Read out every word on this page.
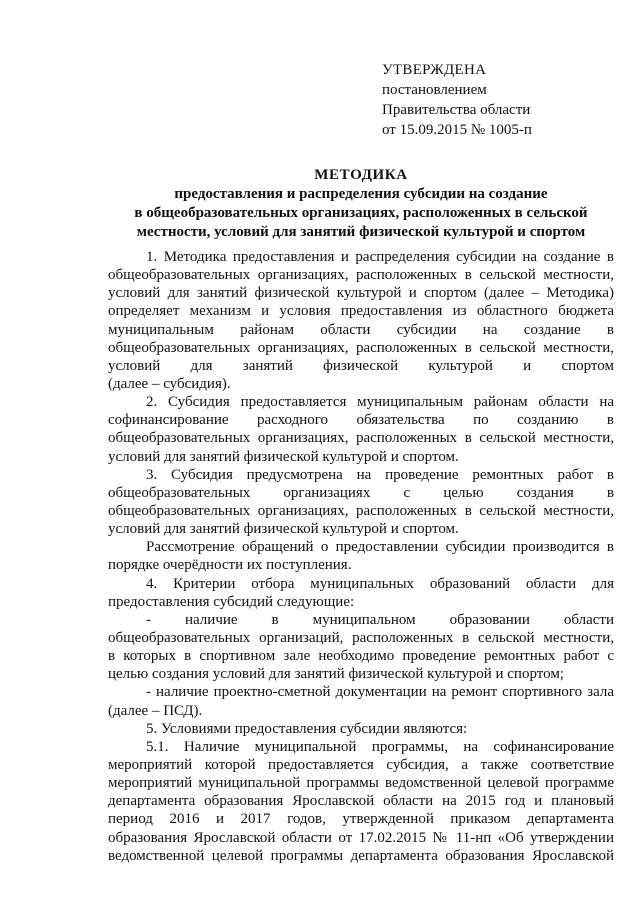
УТВЕРЖДЕНА
постановлением
Правительства области
от 15.09.2015 № 1005-п
МЕТОДИКА
предоставления и распределения субсидии на создание
в общеобразовательных организациях, расположенных в сельской
местности, условий для занятий физической культурой и спортом
1. Методика предоставления и распределения субсидии на создание в
общеобразовательных организациях, расположенных в сельской местности,
условий для занятий физической культурой и спортом (далее – Методика)
определяет механизм и условия предоставления из областного бюджета
муниципальным районам области субсидии на создание в
общеобразовательных организациях, расположенных в сельской местности,
условий для занятий физической культурой и спортом
(далее – субсидия).
2. Субсидия предоставляется муниципальным районам области на
софинансирование расходного обязательства по созданию в
общеобразовательных организациях, расположенных в сельской местности,
условий для занятий физической культурой и спортом.
3. Субсидия предусмотрена на проведение ремонтных работ в
общеобразовательных организациях с целью создания в
общеобразовательных организациях, расположенных в сельской местности,
условий для занятий физической культурой и спортом.
Рассмотрение обращений о предоставлении субсидии производится в
порядке очерёдности их поступления.
4. Критерии отбора муниципальных образований области для
предоставления субсидий следующие:
- наличие в муниципальном образовании области
общеобразовательных организаций, расположенных в сельской местности,
в которых в спортивном зале необходимо проведение ремонтных работ с
целью создания условий для занятий физической культурой и спортом;
- наличие проектно-сметной документации на ремонт спортивного зала
(далее – ПСД).
5. Условиями предоставления субсидии являются:
5.1. Наличие муниципальной программы, на софинансирование
мероприятий которой предоставляется субсидия, а также соответствие
мероприятий муниципальной программы ведомственной целевой программе
департамента образования Ярославской области на 2015 год и плановый
период 2016 и 2017 годов, утвержденной приказом департамента
образования Ярославской области от 17.02.2015 № 11-нп «Об утверждении
ведомственной целевой программы департамента образования Ярославской
